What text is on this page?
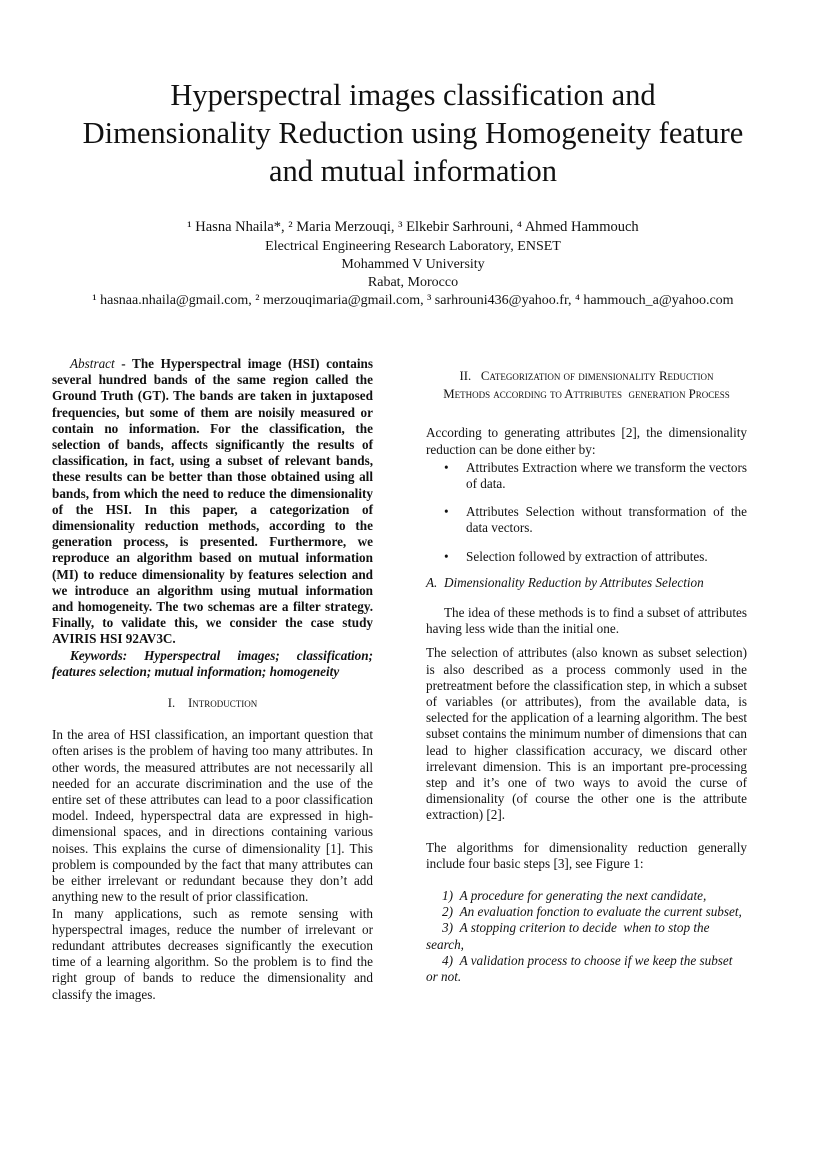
Hyperspectral images classification and
Dimensionality Reduction using Homogeneity feature
and mutual information
¹ Hasna Nhaila*, ² Maria Merzouqi, ³ Elkebir Sarhrouni, ⁴ Ahmed Hammouch
Electrical Engineering Research Laboratory, ENSET
Mohammed V University
Rabat, Morocco
¹ hasnaa.nhaila@gmail.com, ² merzouqimaria@gmail.com, ³ sarhrouni436@yahoo.fr, ⁴ hammouch_a@yahoo.com

Abstract - The Hyperspectral image (HSI) contains several hundred bands of the same region called the Ground Truth (GT). The bands are taken in juxtaposed frequencies, but some of them are noisily measured or contain no information. For the classification, the selection of bands, affects significantly the results of classification, in fact, using a subset of relevant bands, these results can be better than those obtained using all bands, from which the need to reduce the dimensionality of the HSI. In this paper, a categorization of dimensionality reduction methods, according to the generation process, is presented. Furthermore, we reproduce an algorithm based on mutual information (MI) to reduce dimensionality by features selection and we introduce an algorithm using mutual information and homogeneity. The two schemas are a filter strategy. Finally, to validate this, we consider the case study AVIRIS HSI 92AV3C.

Keywords: Hyperspectral images; classification; features selection; mutual information; homogeneity

I.    Introduction

In the area of HSI classification, an important question that often arises is the problem of having too many attributes. In other words, the measured attributes are not necessarily all needed for an accurate discrimination and the use of the entire set of these attributes can lead to a poor classification model. Indeed, hyperspectral data are expressed in high-dimensional spaces, and in directions containing various noises. This explains the curse of dimensionality [1]. This problem is compounded by the fact that many attributes can be either irrelevant or redundant because they don’t add anything new to the result of prior classification.

In many applications, such as remote sensing with hyperspectral images, reduce the number of irrelevant or redundant attributes decreases significantly the execution time of a learning algorithm. So the problem is to find the right group of bands to reduce the dimensionality and classify the images.

II.   Categorization of dimensionality Reduction
Methods according to Attributes  generation Process

According to generating attributes [2], the dimensionality reduction can be done either by:

• Attributes Extraction where we transform the vectors of data.
• Attributes Selection without transformation of the data vectors.
• Selection followed by extraction of attributes.

A.  Dimensionality Reduction by Attributes Selection

The idea of these methods is to find a subset of attributes having less wide than the initial one.

The selection of attributes (also known as subset selection) is also described as a process commonly used in the pretreatment before the classification step, in which a subset of variables (or attributes), from the available data, is selected for the application of a learning algorithm. The best subset contains the minimum number of dimensions that can lead to higher classification accuracy, we discard other irrelevant dimension. This is an important pre-processing step and it’s one of two ways to avoid the curse of dimensionality (of course the other one is the attribute extraction) [2].

The algorithms for dimensionality reduction generally include four basic steps [3], see Figure 1:

1)  A procedure for generating the next candidate,
2)  An evaluation fonction to evaluate the current subset,
3)  A stopping criterion to decide  when to stop the search,
4)  A validation process to choose if we keep the subset or not.
